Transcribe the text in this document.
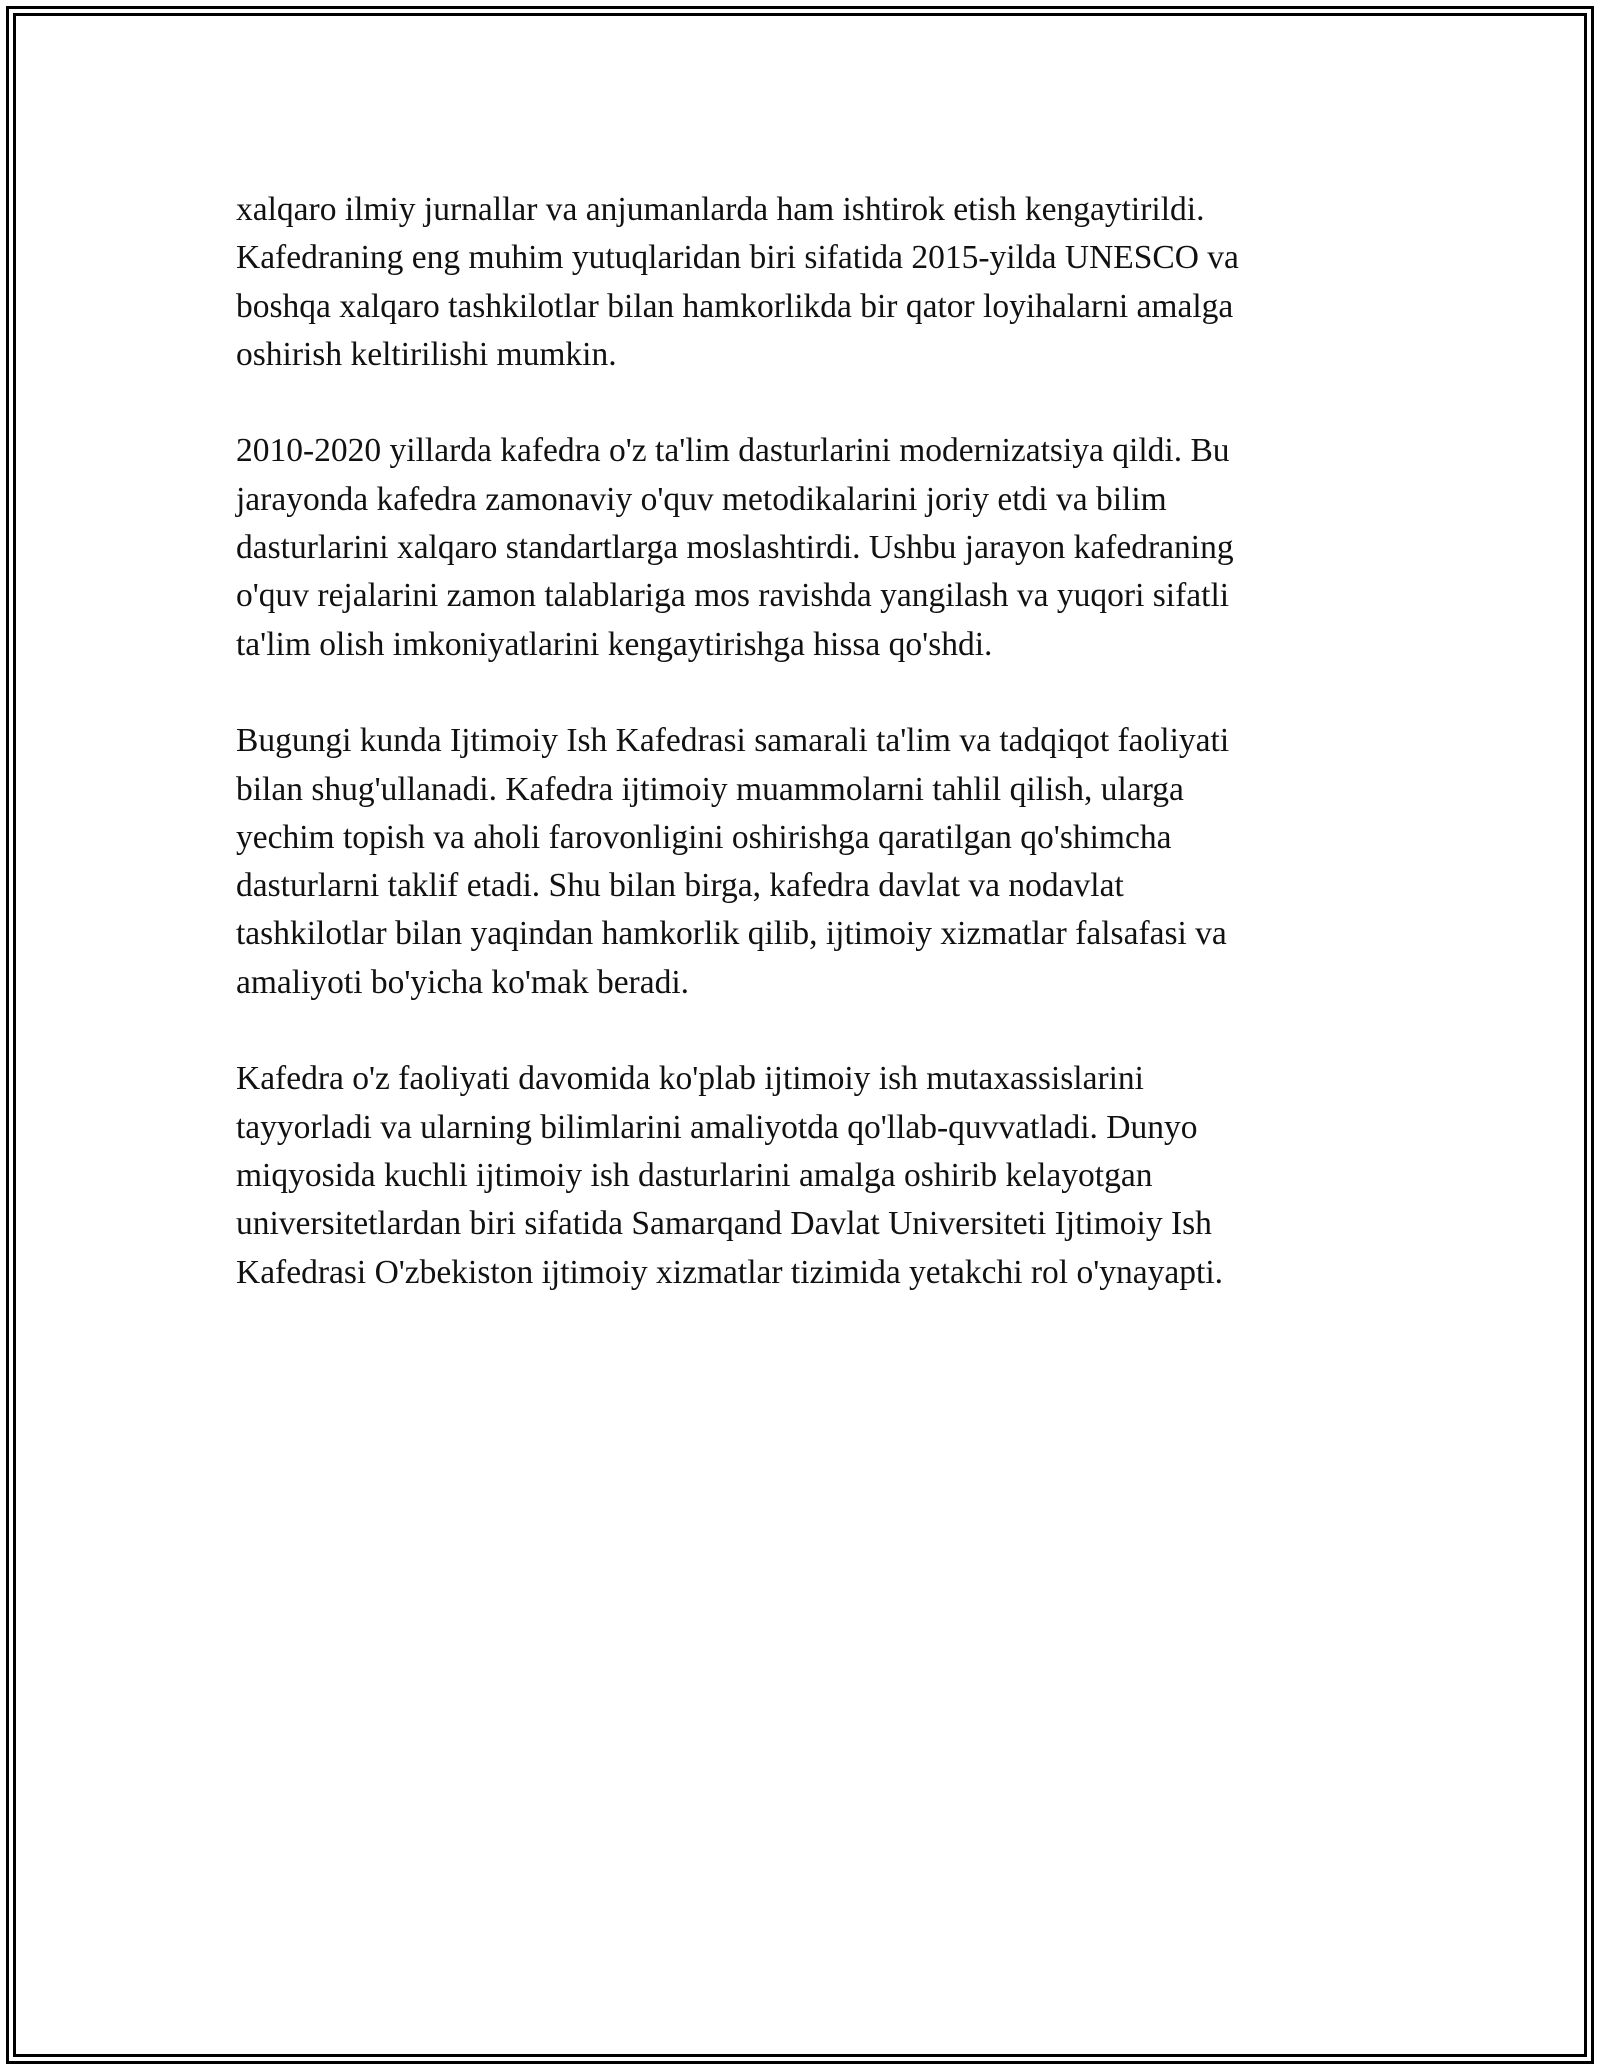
xalqaro ilmiy jurnallar va anjumanlarda ham ishtirok etish kengaytirildi.
Kafedraning eng muhim yutuqlaridan biri sifatida 2015-yilda UNESCO va
boshqa xalqaro tashkilotlar bilan hamkorlikda bir qator loyihalarni amalga
oshirish keltirilishi mumkin.

2010-2020 yillarda kafedra o'z ta'lim dasturlarini modernizatsiya qildi. Bu
jarayonda kafedra zamonaviy o'quv metodikalarini joriy etdi va bilim
dasturlarini xalqaro standartlarga moslashtirdi. Ushbu jarayon kafedraning
o'quv rejalarini zamon talablariga mos ravishda yangilash va yuqori sifatli
ta'lim olish imkoniyatlarini kengaytirishga hissa qo'shdi.

Bugungi kunda Ijtimoiy Ish Kafedrasi samarali ta'lim va tadqiqot faoliyati
bilan shug'ullanadi. Kafedra ijtimoiy muammolarni tahlil qilish, ularga
yechim topish va aholi farovonligini oshirishga qaratilgan qo'shimcha
dasturlarni taklif etadi. Shu bilan birga, kafedra davlat va nodavlat
tashkilotlar bilan yaqindan hamkorlik qilib, ijtimoiy xizmatlar falsafasi va
amaliyoti bo'yicha ko'mak beradi.

Kafedra o'z faoliyati davomida ko'plab ijtimoiy ish mutaxassislarini
tayyorladi va ularning bilimlarini amaliyotda qo'llab-quvvatladi. Dunyo
miqyosida kuchli ijtimoiy ish dasturlarini amalga oshirib kelayotgan
universitetlardan biri sifatida Samarqand Davlat Universiteti Ijtimoiy Ish
Kafedrasi O'zbekiston ijtimoiy xizmatlar tizimida yetakchi rol o'ynayapti.
